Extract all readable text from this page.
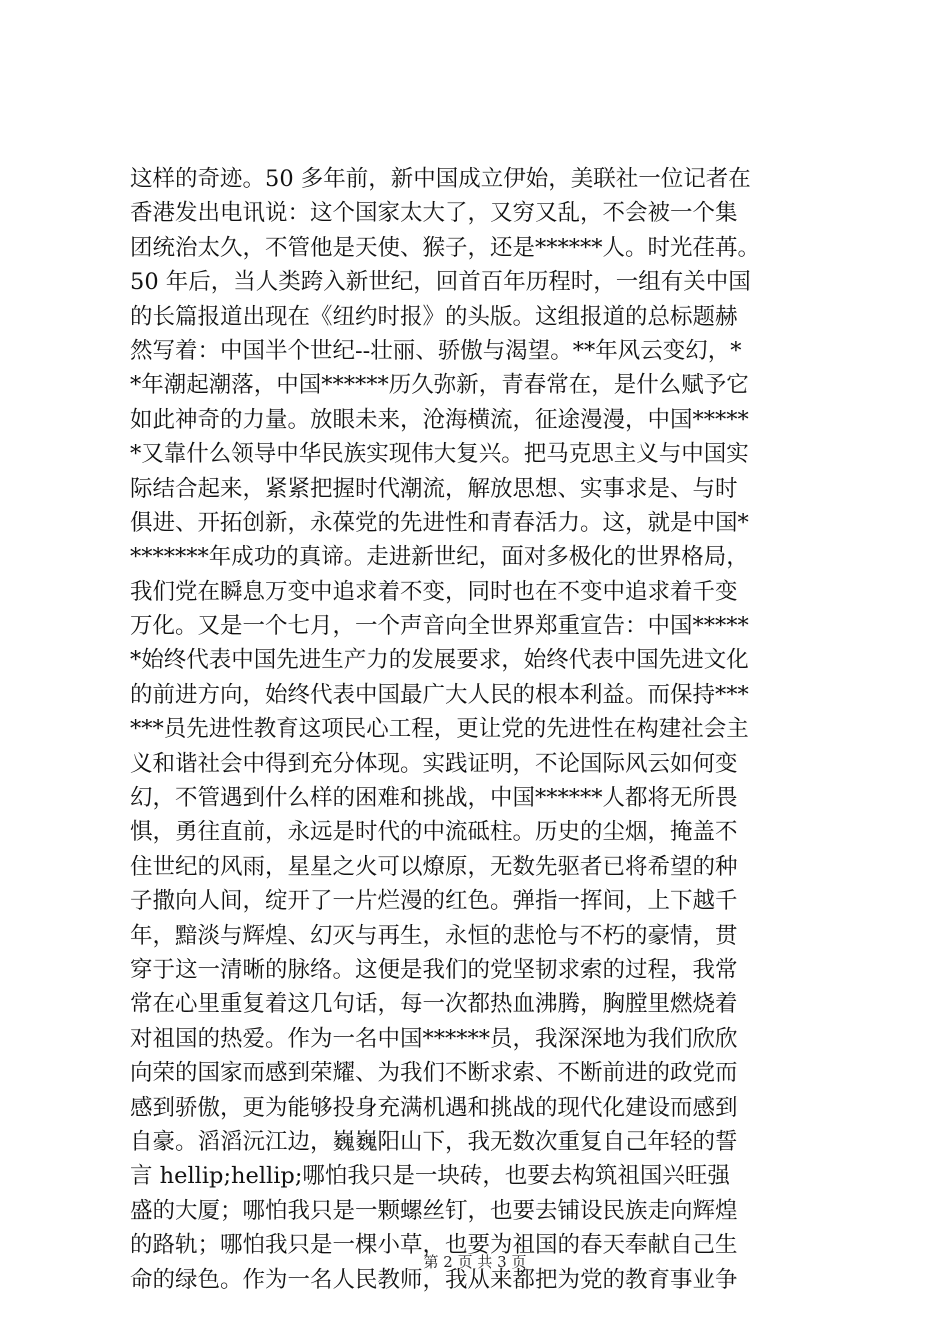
这样的奇迹。50 多年前，新中国成立伊始，美联社一位记者在
香港发出电讯说：这个国家太大了，又穷又乱，不会被一个集
团统治太久，不管他是天使、猴子，还是******人。时光荏苒。
50 年后，当人类跨入新世纪，回首百年历程时，一组有关中国
的长篇报道出现在《纽约时报》的头版。这组报道的总标题赫
然写着：中国半个世纪--壮丽、骄傲与渴望。**年风云变幻，*
*年潮起潮落，中国******历久弥新，青春常在，是什么赋予它
如此神奇的力量。放眼未来，沧海横流，征途漫漫，中国*****
*又靠什么领导中华民族实现伟大复兴。把马克思主义与中国实
际结合起来，紧紧把握时代潮流，解放思想、实事求是、与时
俱进、开拓创新，永葆党的先进性和青春活力。这，就是中国*
*******年成功的真谛。走进新世纪，面对多极化的世界格局，
我们党在瞬息万变中追求着不变，同时也在不变中追求着千变
万化。又是一个七月，一个声音向全世界郑重宣告：中国*****
*始终代表中国先进生产力的发展要求，始终代表中国先进文化
的前进方向，始终代表中国最广大人民的根本利益。而保持***
***员先进性教育这项民心工程，更让党的先进性在构建社会主
义和谐社会中得到充分体现。实践证明，不论国际风云如何变
幻，不管遇到什么样的困难和挑战，中国******人都将无所畏
惧，勇往直前，永远是时代的中流砥柱。历史的尘烟，掩盖不
住世纪的风雨，星星之火可以燎原，无数先驱者已将希望的种
子撒向人间，绽开了一片烂漫的红色。弹指一挥间，上下越千
年，黯淡与辉煌、幻灭与再生，永恒的悲怆与不朽的豪情，贯
穿于这一清晰的脉络。这便是我们的党坚韧求索的过程，我常
常在心里重复着这几句话，每一次都热血沸腾，胸膛里燃烧着
对祖国的热爱。作为一名中国******员，我深深地为我们欣欣
向荣的国家而感到荣耀、为我们不断求索、不断前进的政党而
感到骄傲，更为能够投身充满机遇和挑战的现代化建设而感到
自豪。滔滔沅江边，巍巍阳山下，我无数次重复自己年轻的誓
言 hellip;hellip;哪怕我只是一块砖，也要去构筑祖国兴旺强
盛的大厦；哪怕我只是一颗螺丝钉，也要去铺设民族走向辉煌
的路轨；哪怕我只是一棵小草，也要为祖国的春天奉献自己生
命的绿色。作为一名人民教师，我从来都把为党的教育事业争
第 2 页 共 3 页
